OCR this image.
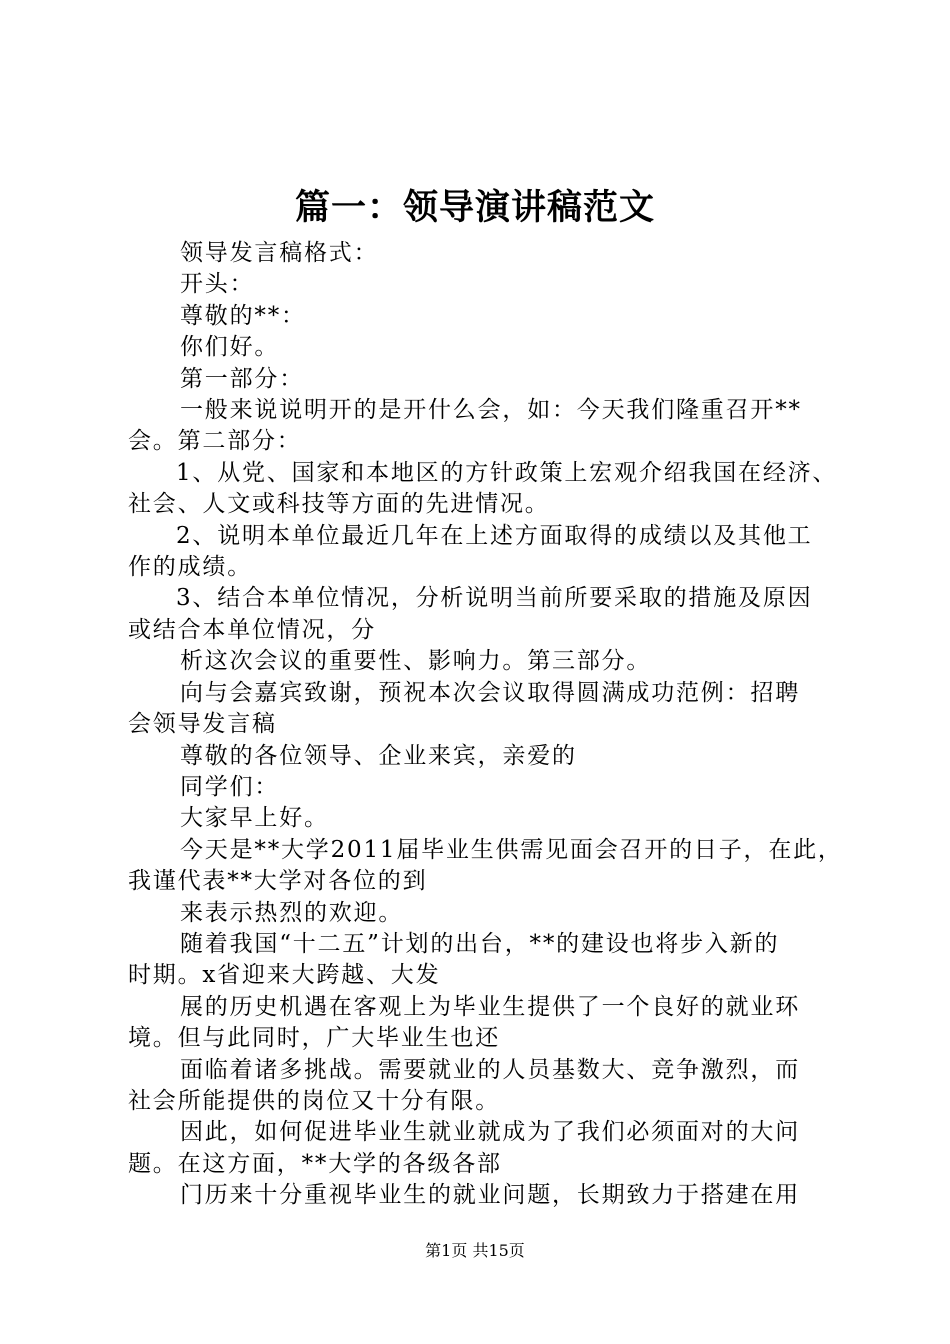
篇一：领导演讲稿范文

领导发言稿格式：

开头：

尊敬的**：

你们好。

第一部分：

一般来说说明开的是开什么会，如：今天我们隆重召开**

会。第二部分：

1、从党、国家和本地区的方针政策上宏观介绍我国在经济、

社会、人文或科技等方面的先进情况。

2、说明本单位最近几年在上述方面取得的成绩以及其他工

作的成绩。

3、结合本单位情况，分析说明当前所要采取的措施及原因

或结合本单位情况，分

析这次会议的重要性、影响力。第三部分。

向与会嘉宾致谢，预祝本次会议取得圆满成功范例：招聘

会领导发言稿

尊敬的各位领导、企业来宾，亲爱的

同学们：

大家早上好。

今天是**大学2011届毕业生供需见面会召开的日子，在此，

我谨代表**大学对各位的到

来表示热烈的欢迎。

随着我国“十二五”计划的出台，**的建设也将步入新的

时期。x省迎来大跨越、大发

展的历史机遇在客观上为毕业生提供了一个良好的就业环

境。但与此同时，广大毕业生也还

面临着诸多挑战。需要就业的人员基数大、竞争激烈，而

社会所能提供的岗位又十分有限。

因此，如何促进毕业生就业就成为了我们必须面对的大问

题。在这方面，**大学的各级各部

门历来十分重视毕业生的就业问题，长期致力于搭建在用

第1页 共15页
